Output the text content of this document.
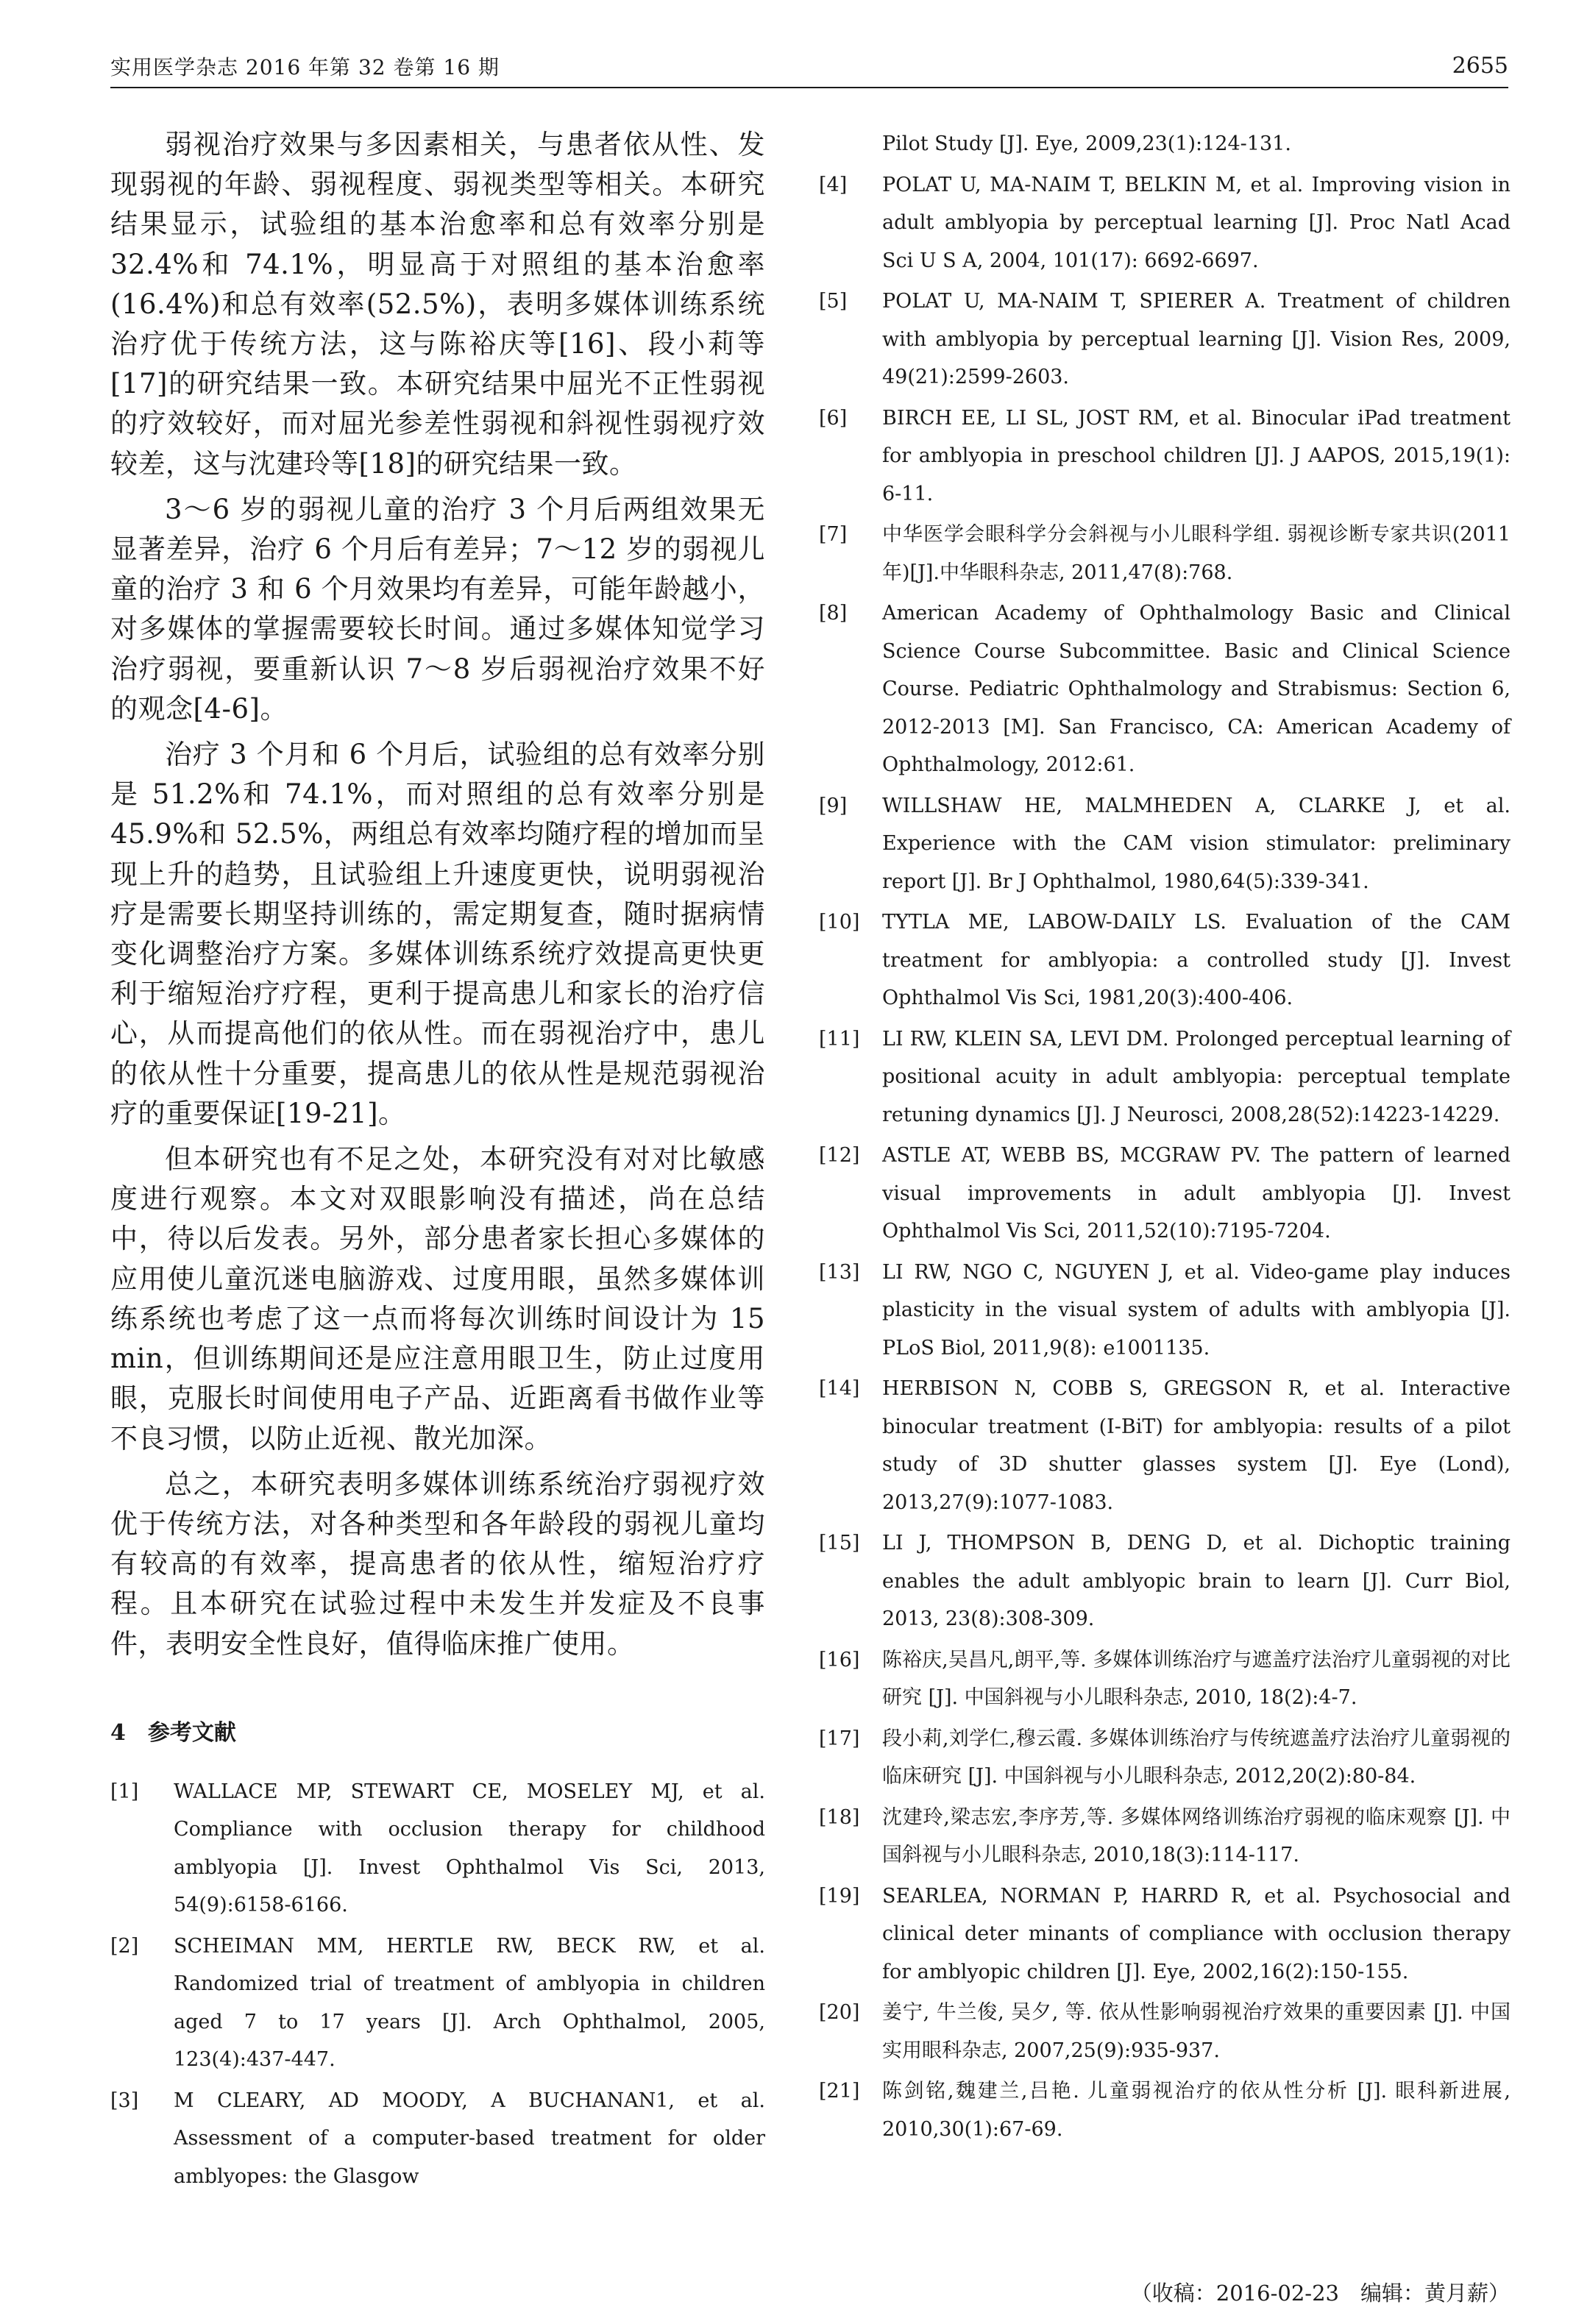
实用医学杂志 2016 年第 32 卷第 16 期	2655

弱视治疗效果与多因素相关，与患者依从性、发现弱视的年龄、弱视程度、弱视类型等相关。本研究结果显示，试验组的基本治愈率和总有效率分别是 32.4%和 74.1%，明显高于对照组的基本治愈率(16.4%)和总有效率(52.5%)，表明多媒体训练系统治疗优于传统方法，这与陈裕庆等[16]、段小莉等[17]的研究结果一致。本研究结果中屈光不正性弱视的疗效较好，而对屈光参差性弱视和斜视性弱视疗效较差，这与沈建玲等[18]的研究结果一致。

3～6 岁的弱视儿童的治疗 3 个月后两组效果无显著差异，治疗 6 个月后有差异；7～12 岁的弱视儿童的治疗 3 和 6 个月效果均有差异，可能年龄越小，对多媒体的掌握需要较长时间。通过多媒体知觉学习治疗弱视，要重新认识 7～8 岁后弱视治疗效果不好的观念[4-6]。

治疗 3 个月和 6 个月后，试验组的总有效率分别是 51.2%和 74.1%，而对照组的总有效率分别是 45.9%和 52.5%，两组总有效率均随疗程的增加而呈现上升的趋势，且试验组上升速度更快，说明弱视治疗是需要长期坚持训练的，需定期复查，随时据病情变化调整治疗方案。多媒体训练系统疗效提高更快更利于缩短治疗疗程，更利于提高患儿和家长的治疗信心，从而提高他们的依从性。而在弱视治疗中，患儿的依从性十分重要，提高患儿的依从性是规范弱视治疗的重要保证[19-21]。

但本研究也有不足之处，本研究没有对对比敏感度进行观察。本文对双眼影响没有描述，尚在总结中，待以后发表。另外，部分患者家长担心多媒体的应用使儿童沉迷电脑游戏、过度用眼，虽然多媒体训练系统也考虑了这一点而将每次训练时间设计为 15 min，但训练期间还是应注意用眼卫生，防止过度用眼，克服长时间使用电子产品、近距离看书做作业等不良习惯，以防止近视、散光加深。

总之，本研究表明多媒体训练系统治疗弱视疗效优于传统方法，对各种类型和各年龄段的弱视儿童均有较高的有效率，提高患者的依从性，缩短治疗疗程。且本研究在试验过程中未发生并发症及不良事件，表明安全性良好，值得临床推广使用。

4　参考文献
[1]	WALLACE MP, STEWART CE, MOSELEY MJ, et al. Compliance with occlusion therapy for childhood amblyopia [J]. Invest Ophthalmol Vis Sci, 2013, 54(9):6158-6166.
[2]	SCHEIMAN MM, HERTLE RW, BECK RW, et al. Randomized trial of treatment of amblyopia in children aged 7 to 17 years [J]. Arch Ophthalmol, 2005, 123(4):437-447.
[3]	M CLEARY, AD MOODY, A BUCHANAN1, et al. Assessment of a computer-based treatment for older amblyopes: the Glasgow
Pilot Study [J]. Eye, 2009,23(1):124-131.
[4]	POLAT U, MA-NAIM T, BELKIN M, et al. Improving vision in adult amblyopia by perceptual learning [J]. Proc Natl Acad Sci U S A, 2004, 101(17): 6692-6697.
[5]	POLAT U, MA-NAIM T, SPIERER A. Treatment of children with amblyopia by perceptual learning [J]. Vision Res, 2009, 49(21):2599-2603.
[6]	BIRCH EE, LI SL, JOST RM, et al. Binocular iPad treatment for amblyopia in preschool children [J]. J AAPOS, 2015,19(1): 6-11.
[7]	中华医学会眼科学分会斜视与小儿眼科学组. 弱视诊断专家共识(2011 年)[J].中华眼科杂志, 2011,47(8):768.
[8]	American Academy of Ophthalmology Basic and Clinical Science Course Subcommittee. Basic and Clinical Science Course. Pediatric Ophthalmology and Strabismus: Section 6, 2012-2013 [M]. San Francisco, CA: American Academy of Ophthalmology, 2012:61.
[9]	WILLSHAW HE, MALMHEDEN A, CLARKE J, et al. Experience with the CAM vision stimulator: preliminary report [J]. Br J Ophthalmol, 1980,64(5):339-341.
[10]	TYTLA ME, LABOW-DAILY LS. Evaluation of the CAM treatment for amblyopia: a controlled study [J]. Invest Ophthalmol Vis Sci, 1981,20(3):400-406.
[11]	LI RW, KLEIN SA, LEVI DM. Prolonged perceptual learning of positional acuity in adult amblyopia: perceptual template retuning dynamics [J]. J Neurosci, 2008,28(52):14223-14229.
[12]	ASTLE AT, WEBB BS, MCGRAW PV. The pattern of learned visual improvements in adult amblyopia [J]. Invest Ophthalmol Vis Sci, 2011,52(10):7195-7204.
[13]	LI RW, NGO C, NGUYEN J, et al. Video-game play induces plasticity in the visual system of adults with amblyopia [J]. PLoS Biol, 2011,9(8): e1001135.
[14]	HERBISON N, COBB S, GREGSON R, et al. Interactive binocular treatment (I-BiT) for amblyopia: results of a pilot study of 3D shutter glasses system [J]. Eye (Lond), 2013,27(9):1077-1083.
[15]	LI J, THOMPSON B, DENG D, et al. Dichoptic training enables the adult amblyopic brain to learn [J]. Curr Biol, 2013, 23(8):308-309.
[16]	陈裕庆,吴昌凡,朗平,等. 多媒体训练治疗与遮盖疗法治疗儿童弱视的对比研究 [J]. 中国斜视与小儿眼科杂志, 2010, 18(2):4-7.
[17]	段小莉,刘学仁,穆云霞. 多媒体训练治疗与传统遮盖疗法治疗儿童弱视的临床研究 [J]. 中国斜视与小儿眼科杂志, 2012,20(2):80-84.
[18]	沈建玲,梁志宏,李序芳,等. 多媒体网络训练治疗弱视的临床观察 [J]. 中国斜视与小儿眼科杂志, 2010,18(3):114-117.
[19]	SEARLEA, NORMAN P, HARRD R, et al. Psychosocial and clinical deter minants of compliance with occlusion therapy for amblyopic children [J]. Eye, 2002,16(2):150-155.
[20]	姜宁, 牛兰俊, 吴夕, 等. 依从性影响弱视治疗效果的重要因素 [J]. 中国实用眼科杂志, 2007,25(9):935-937.
[21]	陈剑铭,魏建兰,吕艳. 儿童弱视治疗的依从性分析 [J]. 眼科新进展, 2010,30(1):67-69.
（收稿：2016-02-23　编辑：黄月薪）
